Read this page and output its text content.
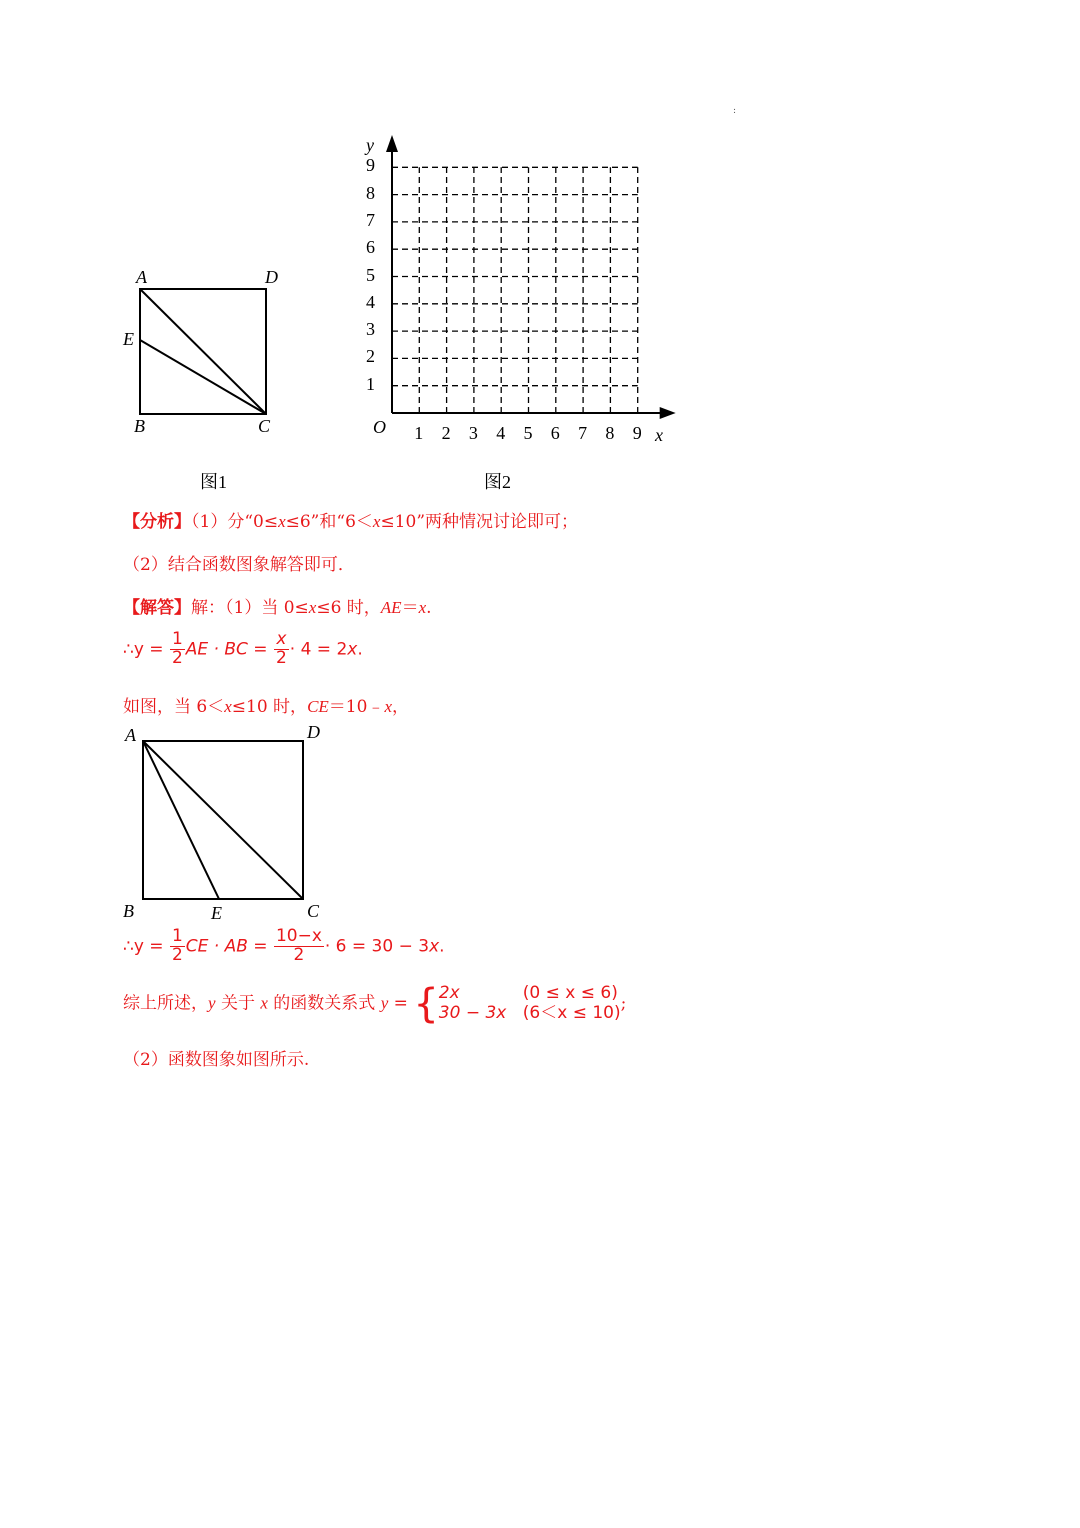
:
A	D
E
B	C
图1
y
x
O 1 2 3 4 5 6 7 8 9
1
2
3
4
5
6
7
8
9
图2
【分析】（1）分“0≤x≤6”和“6＜x≤10”两种情况讨论即可；
（2）结合函数图象解答即可．
【解答】解：（1）当 0≤x≤6 时，AE＝x.
∴y = $\frac{1}{2}$ AE · BC = $\frac{x}{2} \cdot 4 = 2x$.
如图，当 6＜x≤10 时，CE＝10﹣x，
A	D
B	E	C
∴y = $\frac{1}{2}$ CE · AB = $\frac{10-x}{2} \cdot 6 = 30 - 3x$.
综上所述，y 关于 x 的函数关系式 y = { 2x	(0 ≤ x ≤ 6)
30 − 3x (6＜x ≤ 10) ;
（2）函数图象如图所示.
